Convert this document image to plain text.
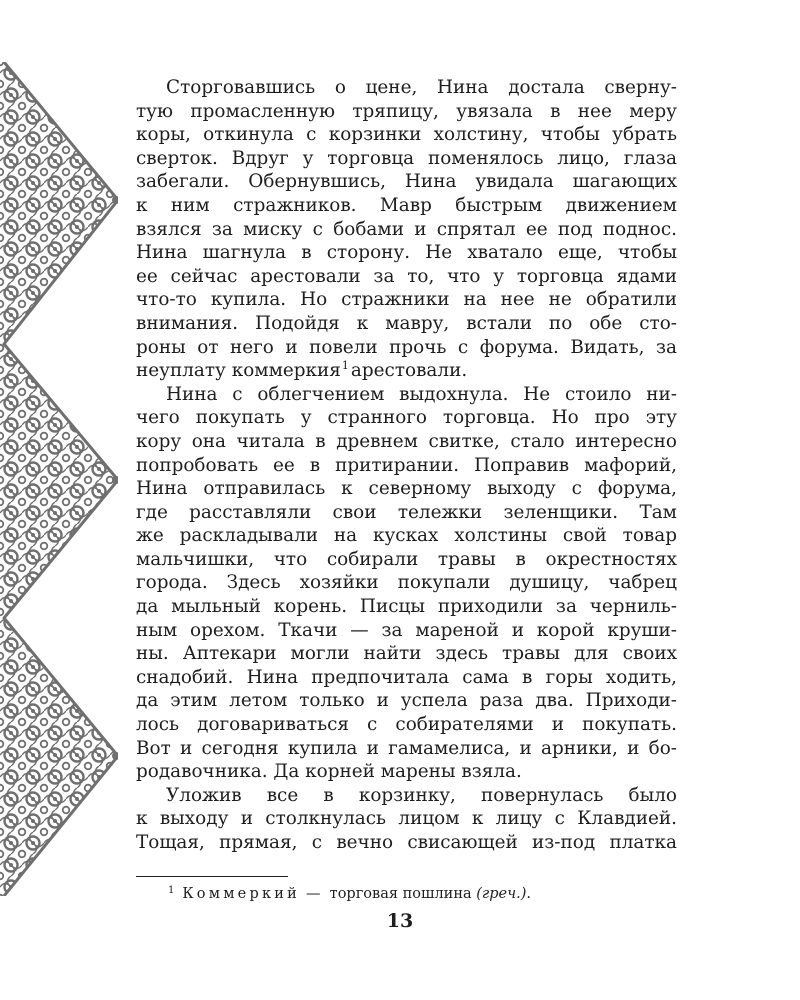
Сторговавшись о цене, Нина достала сверну-
тую промасленную тряпицу, увязала в нее меру
коры, откинула с корзинки холстину, чтобы убрать
сверток. Вдруг у торговца поменялось лицо, глаза
забегали. Обернувшись, Нина увидала шагающих
к ним стражников. Мавр быстрым движением
взялся за миску с бобами и спрятал ее под поднос.
Нина шагнула в сторону. Не хватало еще, чтобы
ее сейчас арестовали за то, что у торговца ядами
что-то купила. Но стражники на нее не обратили
внимания. Подойдя к мавру, встали по обе сто-
роны от него и повели прочь с форума. Видать, за
неуплату коммеркия$^1$ арестовали.
Нина с облегчением выдохнула. Не стоило ни-
чего покупать у странного торговца. Но про эту
кору она читала в древнем свитке, стало интересно
попробовать ее в притирании. Поправив мафорий,
Нина отправилась к северному выходу с форума,
где расставляли свои тележки зеленщики. Там
же раскладывали на кусках холстины свой товар
мальчишки, что собирали травы в окрестностях
города. Здесь хозяйки покупали душицу, чабрец
да мыльный корень. Писцы приходили за черниль-
ным орехом. Ткачи — за мареной и корой круши-
ны. Аптекари могли найти здесь травы для своих
снадобий. Нина предпочитала сама в горы ходить,
да этим летом только и успела раза два. Приходи-
лось договариваться с собирателями и покупать.
Вот и сегодня купила и гамамелиса, и арники, и бо-
родавочника. Да корней марены взяла.
Уложив все в корзинку, повернулась было
к выходу и столкнулась лицом к лицу с Клавдией.
Тощая, прямая, с вечно свисающей из-под платка
$^1$ Коммеркий — торговая пошлина (греч.).
13
